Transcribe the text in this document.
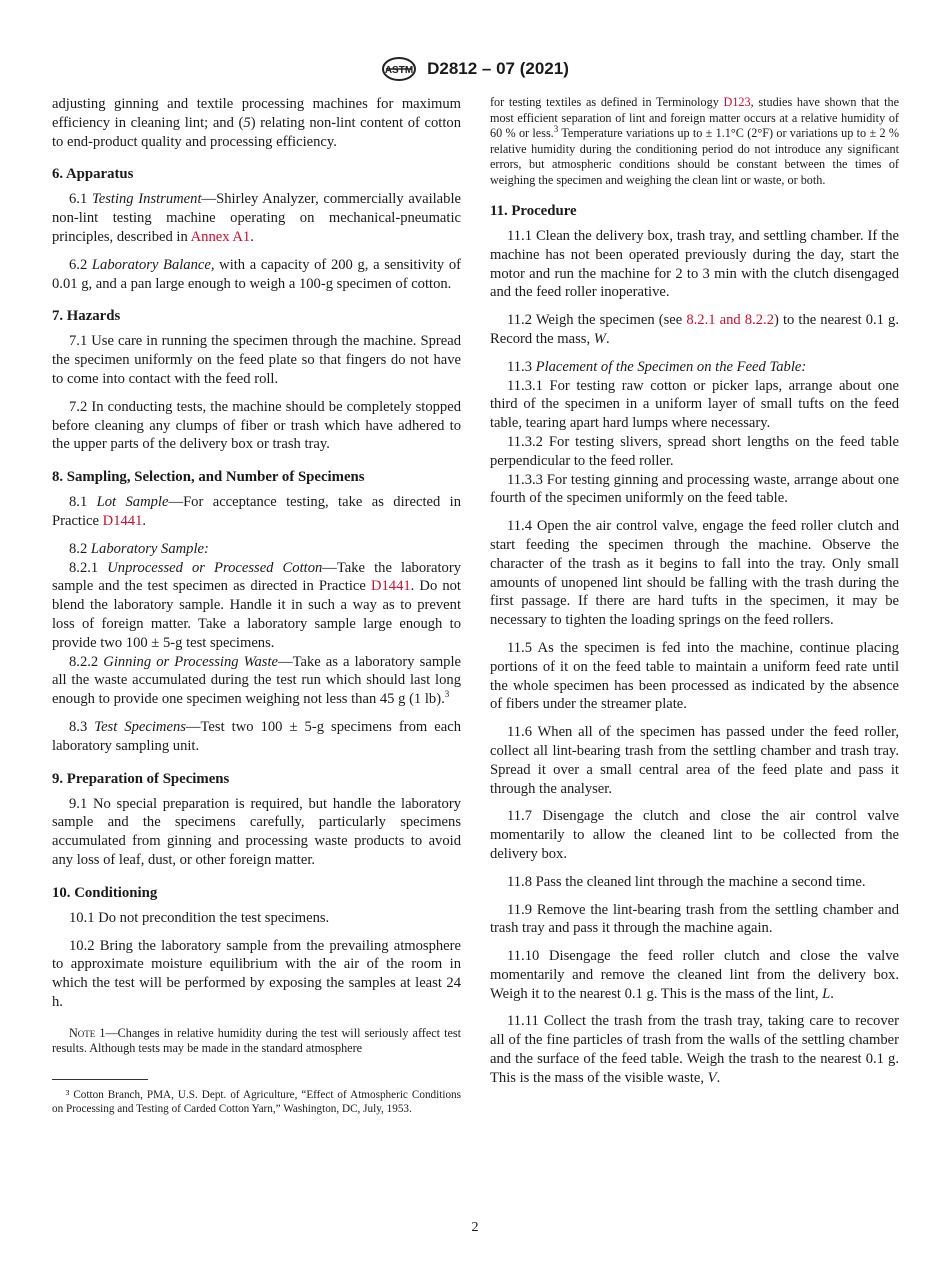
ASTM D2812 – 07 (2021)

adjusting ginning and textile processing machines for maximum efficiency in cleaning lint; and (5) relating non-lint content of cotton to end-product quality and processing efficiency.

6. Apparatus

6.1 Testing Instrument—Shirley Analyzer, commercially available non-lint testing machine operating on mechanical-pneumatic principles, described in Annex A1.

6.2 Laboratory Balance, with a capacity of 200 g, a sensitivity of 0.01 g, and a pan large enough to weigh a 100-g specimen of cotton.

7. Hazards

7.1 Use care in running the specimen through the machine. Spread the specimen uniformly on the feed plate so that fingers do not have to come into contact with the feed roll.

7.2 In conducting tests, the machine should be completely stopped before cleaning any clumps of fiber or trash which have adhered to the upper parts of the delivery box or trash tray.

8. Sampling, Selection, and Number of Specimens

8.1 Lot Sample—For acceptance testing, take as directed in Practice D1441.

8.2 Laboratory Sample:

8.2.1 Unprocessed or Processed Cotton—Take the laboratory sample and the test specimen as directed in Practice D1441. Do not blend the laboratory sample. Handle it in such a way as to prevent loss of foreign matter. Take a laboratory sample large enough to provide two 100 ± 5-g test specimens.

8.2.2 Ginning or Processing Waste—Take as a laboratory sample all the waste accumulated during the test run which should last long enough to provide one specimen weighing not less than 45 g (1 lb).$^3$

8.3 Test Specimens—Test two 100 ± 5-g specimens from each laboratory sampling unit.

9. Preparation of Specimens

9.1 No special preparation is required, but handle the laboratory sample and the specimens carefully, particularly specimens accumulated from ginning and processing waste products to avoid any loss of leaf, dust, or other foreign matter.

10. Conditioning

10.1 Do not precondition the test specimens.

10.2 Bring the laboratory sample from the prevailing atmosphere to approximate moisture equilibrium with the air of the room in which the test will be performed by exposing the samples at least 24 h.

Note 1—Changes in relative humidity during the test will seriously affect test results. Although tests may be made in the standard atmosphere

³ Cotton Branch, PMA, U.S. Dept. of Agriculture, “Effect of Atmospheric Conditions on Processing and Testing of Carded Cotton Yarn,” Washington, DC, July, 1953.

for testing textiles as defined in Terminology D123, studies have shown that the most efficient separation of lint and foreign matter occurs at a relative humidity of 60 % or less.$^3$ Temperature variations up to ± 1.1°C (2°F) or variations up to ± 2 % relative humidity during the conditioning period do not introduce any significant errors, but atmospheric conditions should be constant between the times of weighing the specimen and weighing the clean lint or waste, or both.

11. Procedure

11.1 Clean the delivery box, trash tray, and settling chamber. If the machine has not been operated previously during the day, start the motor and run the machine for 2 to 3 min with the clutch disengaged and the feed roller inoperative.

11.2 Weigh the specimen (see 8.2.1 and 8.2.2) to the nearest 0.1 g. Record the mass, W.

11.3 Placement of the Specimen on the Feed Table:

11.3.1 For testing raw cotton or picker laps, arrange about one third of the specimen in a uniform layer of small tufts on the feed table, tearing apart hard lumps where necessary.

11.3.2 For testing slivers, spread short lengths on the feed table perpendicular to the feed roller.

11.3.3 For testing ginning and processing waste, arrange about one fourth of the specimen uniformly on the feed table.

11.4 Open the air control valve, engage the feed roller clutch and start feeding the specimen through the machine. Observe the character of the trash as it begins to fall into the tray. Only small amounts of unopened lint should be falling with the trash during the first passage. If there are hard tufts in the specimen, it may be necessary to tighten the loading springs on the feed rollers.

11.5 As the specimen is fed into the machine, continue placing portions of it on the feed table to maintain a uniform feed rate until the whole specimen has been processed as indicated by the absence of fibers under the streamer plate.

11.6 When all of the specimen has passed under the feed roller, collect all lint-bearing trash from the settling chamber and trash tray. Spread it over a small central area of the feed plate and pass it through the analyser.

11.7 Disengage the clutch and close the air control valve momentarily to allow the cleaned lint to be collected from the delivery box.

11.8 Pass the cleaned lint through the machine a second time.

11.9 Remove the lint-bearing trash from the settling chamber and trash tray and pass it through the machine again.

11.10 Disengage the feed roller clutch and close the valve momentarily and remove the cleaned lint from the delivery box. Weigh it to the nearest 0.1 g. This is the mass of the lint, L.

11.11 Collect the trash from the trash tray, taking care to recover all of the fine particles of trash from the walls of the settling chamber and the surface of the feed table. Weigh the trash to the nearest 0.1 g. This is the mass of the visible waste, V.

2
